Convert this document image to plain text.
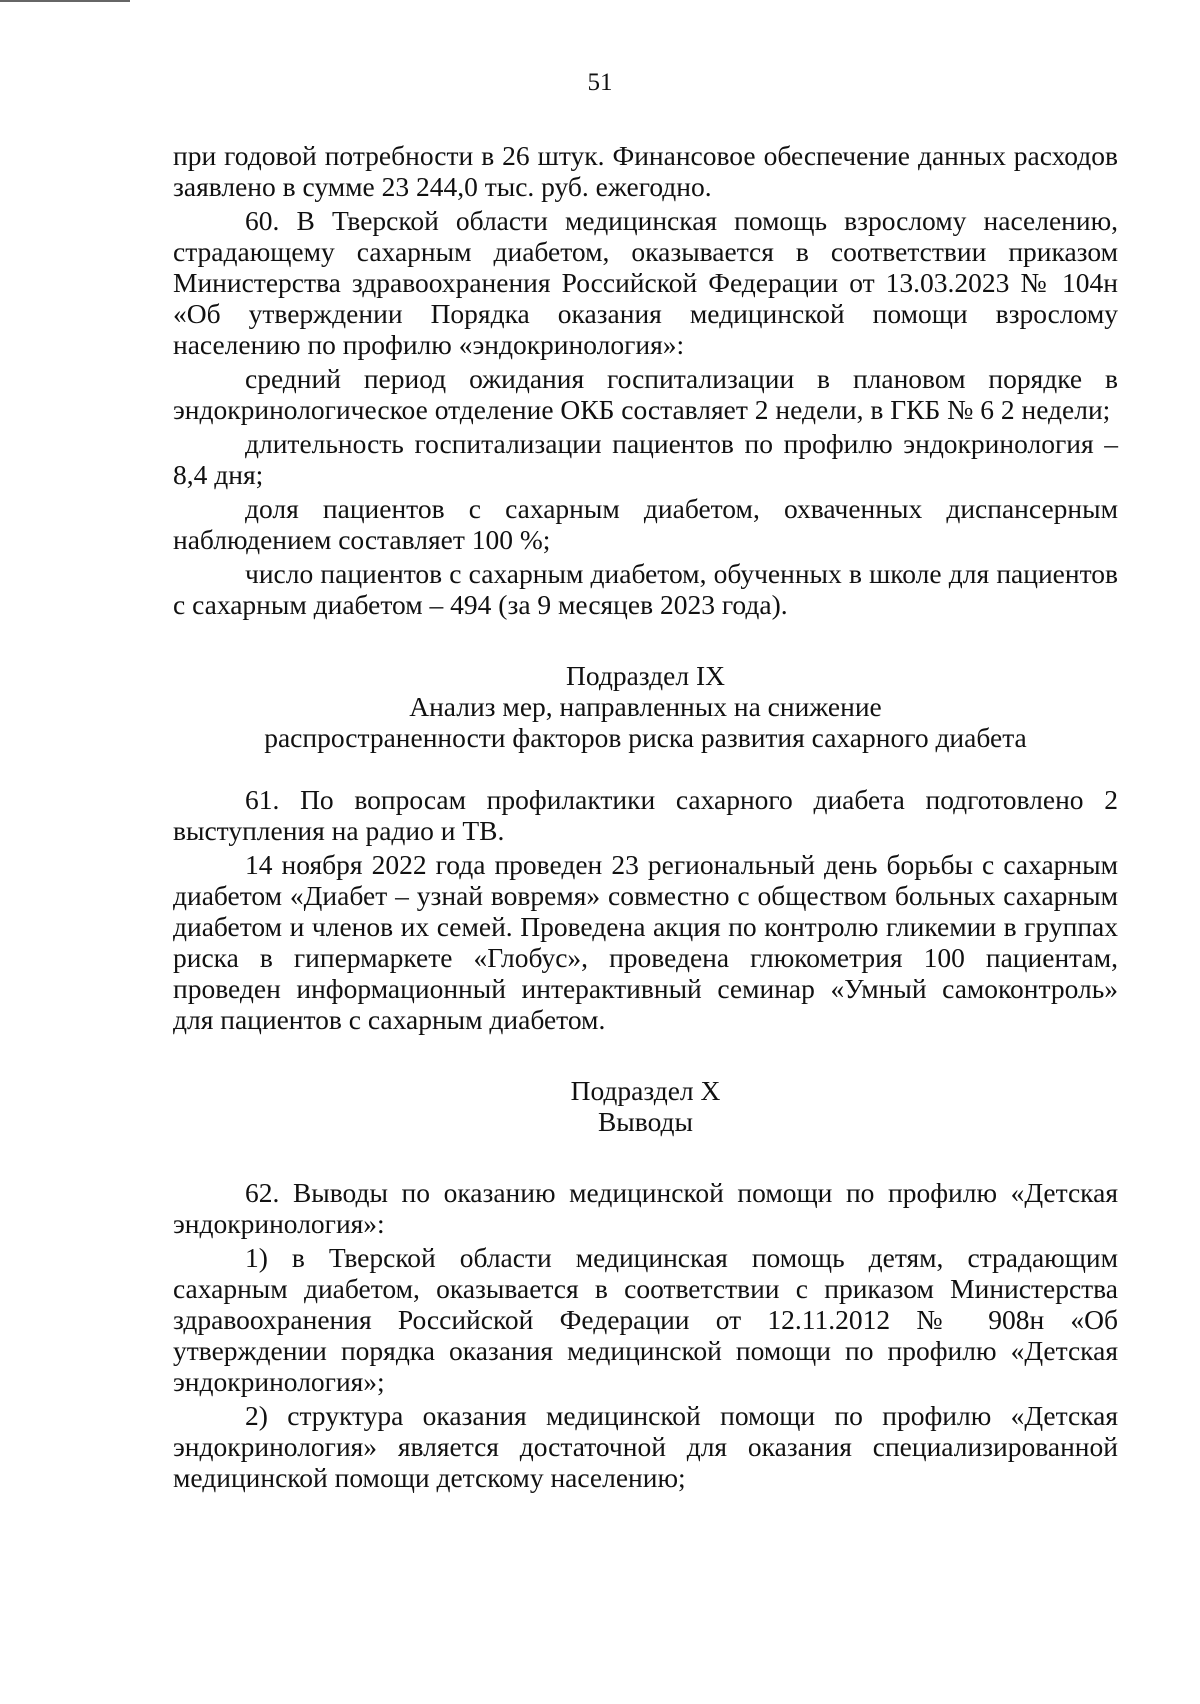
51

при годовой потребности в 26 штук. Финансовое обеспечение данных расходов заявлено в сумме 23 244,0 тыс. руб. ежегодно.

60. В Тверской области медицинская помощь взрослому населению, страдающему сахарным диабетом, оказывается в соответствии приказом Министерства здравоохранения Российской Федерации от 13.03.2023 № 104н «Об утверждении Порядка оказания медицинской помощи взрослому населению по профилю «эндокринология»:

средний период ожидания госпитализации в плановом порядке в эндокринологическое отделение ОКБ составляет 2 недели, в ГКБ № 6 2 недели;

длительность госпитализации пациентов по профилю эндокринология – 8,4 дня;

доля пациентов с сахарным диабетом, охваченных диспансерным наблюдением составляет 100 %;

число пациентов с сахарным диабетом, обученных в школе для пациентов с сахарным диабетом – 494 (за 9 месяцев 2023 года).

Подраздел IX

Анализ мер, направленных на снижение

распространенности факторов риска развития сахарного диабета

61. По вопросам профилактики сахарного диабета подготовлено 2 выступления на радио и ТВ.

14 ноября 2022 года проведен 23 региональный день борьбы с сахарным диабетом «Диабет – узнай вовремя» совместно с обществом больных сахарным диабетом и членов их семей. Проведена акция по контролю гликемии в группах риска в гипермаркете «Глобус», проведена глюкометрия 100 пациентам, проведен информационный интерактивный семинар «Умный самоконтроль» для пациентов с сахарным диабетом.

Подраздел X

Выводы

62. Выводы по оказанию медицинской помощи по профилю «Детская эндокринология»:

1) в Тверской области медицинская помощь детям, страдающим сахарным диабетом, оказывается в соответствии с приказом Министерства здравоохранения Российской Федерации от 12.11.2012 № 908н «Об утверждении порядка оказания медицинской помощи по профилю «Детская эндокринология»;

2) структура оказания медицинской помощи по профилю «Детская эндокринология» является достаточной для оказания специализированной медицинской помощи детскому населению;
